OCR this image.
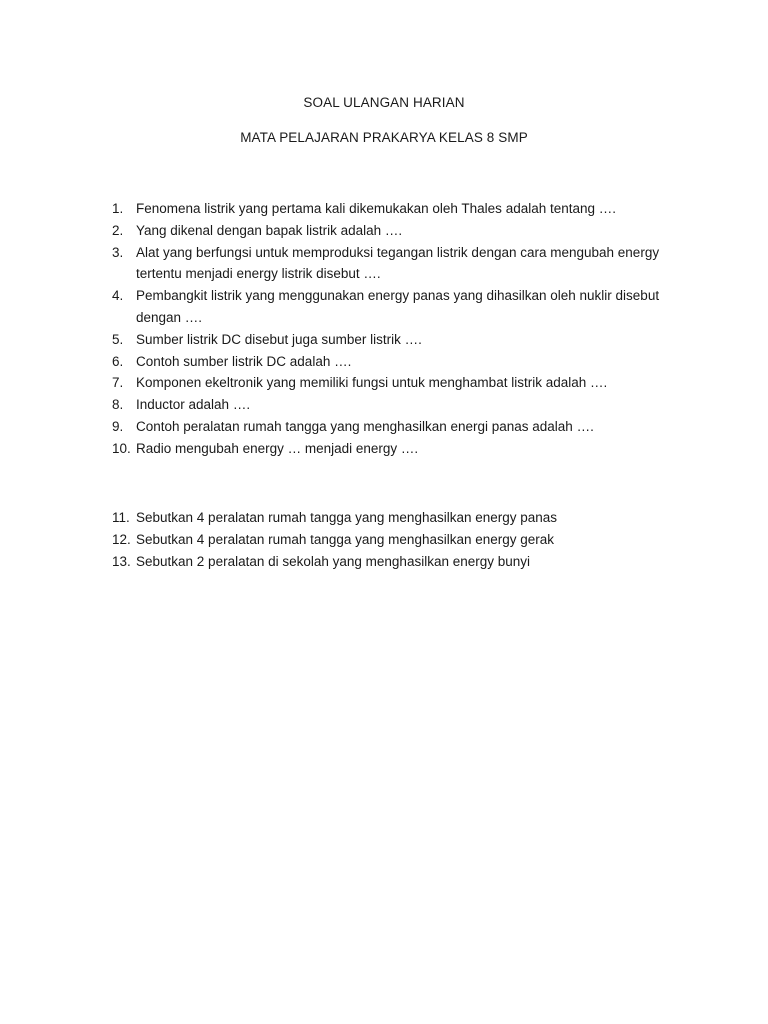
SOAL ULANGAN HARIAN
MATA PELAJARAN PRAKARYA KELAS 8 SMP
1. Fenomena listrik yang pertama kali dikemukakan oleh Thales adalah tentang ….
2. Yang dikenal dengan bapak listrik adalah ….
3. Alat yang berfungsi untuk memproduksi tegangan listrik dengan cara mengubah energy tertentu menjadi energy listrik disebut ….
4. Pembangkit listrik yang menggunakan energy panas yang dihasilkan oleh nuklir disebut dengan ….
5. Sumber listrik DC disebut juga sumber listrik ….
6. Contoh sumber listrik DC adalah ….
7. Komponen ekeltronik yang memiliki fungsi untuk menghambat listrik adalah ….
8. Inductor adalah ….
9. Contoh peralatan rumah tangga yang menghasilkan energi panas adalah ….
10. Radio mengubah energy … menjadi energy ….
11. Sebutkan 4 peralatan rumah tangga yang menghasilkan energy panas
12. Sebutkan 4 peralatan rumah tangga yang menghasilkan energy gerak
13. Sebutkan 2 peralatan di sekolah yang menghasilkan energy bunyi
